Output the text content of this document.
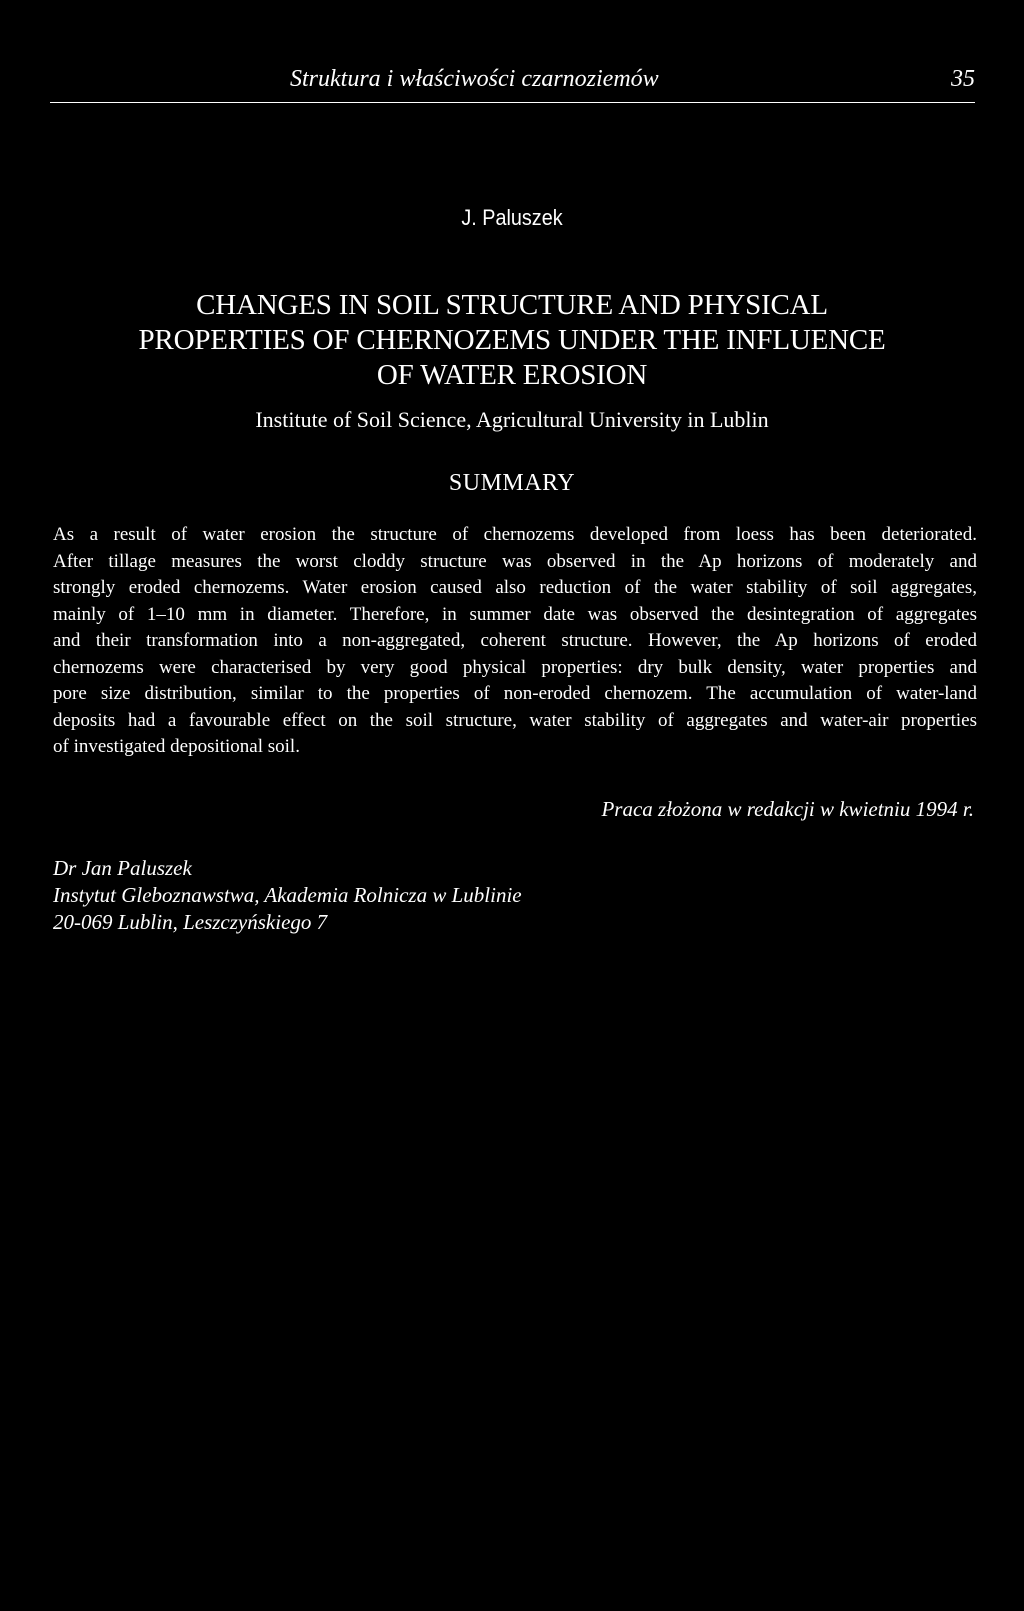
Struktura i właściwości czarnoziemów	35
J. Paluszek
CHANGES IN SOIL STRUCTURE AND PHYSICAL
PROPERTIES OF CHERNOZEMS UNDER THE INFLUENCE
OF WATER EROSION
Institute of Soil Science, Agricultural University in Lublin
SUMMARY
As a result of water erosion the structure of chernozems developed from loess has been deteriorated.
After tillage measures the worst cloddy structure was observed in the Ap horizons of moderately and
strongly eroded chernozems. Water erosion caused also reduction of the water stability of soil aggregates,
mainly of 1–10 mm in diameter. Therefore, in summer date was observed the desintegration of aggregates
and their transformation into a non-aggregated, coherent structure. However, the Ap horizons of eroded
chernozems were characterised by very good physical properties: dry bulk density, water properties and
pore size distribution, similar to the properties of non-eroded chernozem. The accumulation of water-land
deposits had a favourable effect on the soil structure, water stability of aggregates and water-air properties
of investigated depositional soil.
Praca złożona w redakcji w kwietniu 1994 r.
Dr Jan Paluszek
Instytut Gleboznawstwa, Akademia Rolnicza w Lublinie
20-069 Lublin, Leszczyńskiego 7
